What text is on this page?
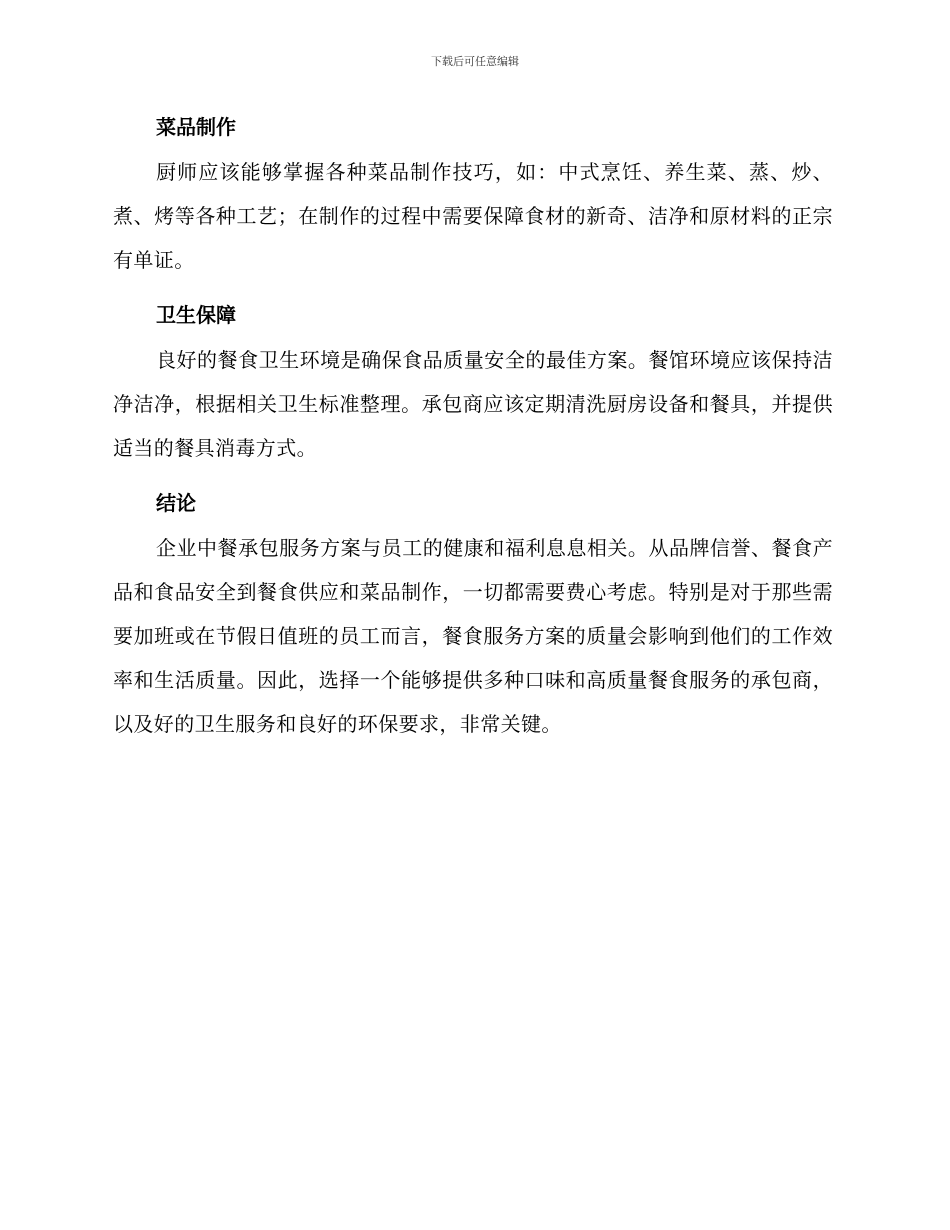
下载后可任意编辑
菜品制作

厨师应该能够掌握各种菜品制作技巧，如：中式烹饪、养生菜、蒸、炒、煮、烤等各种工艺；在制作的过程中需要保障食材的新奇、洁净和原材料的正宗有单证。

卫生保障

良好的餐食卫生环境是确保食品质量安全的最佳方案。餐馆环境应该保持洁净洁净，根据相关卫生标准整理。承包商应该定期清洗厨房设备和餐具，并提供适当的餐具消毒方式。

结论

企业中餐承包服务方案与员工的健康和福利息息相关。从品牌信誉、餐食产品和食品安全到餐食供应和菜品制作，一切都需要费心考虑。特别是对于那些需要加班或在节假日值班的员工而言，餐食服务方案的质量会影响到他们的工作效率和生活质量。因此，选择一个能够提供多种口味和高质量餐食服务的承包商，以及好的卫生服务和良好的环保要求，非常关键。
